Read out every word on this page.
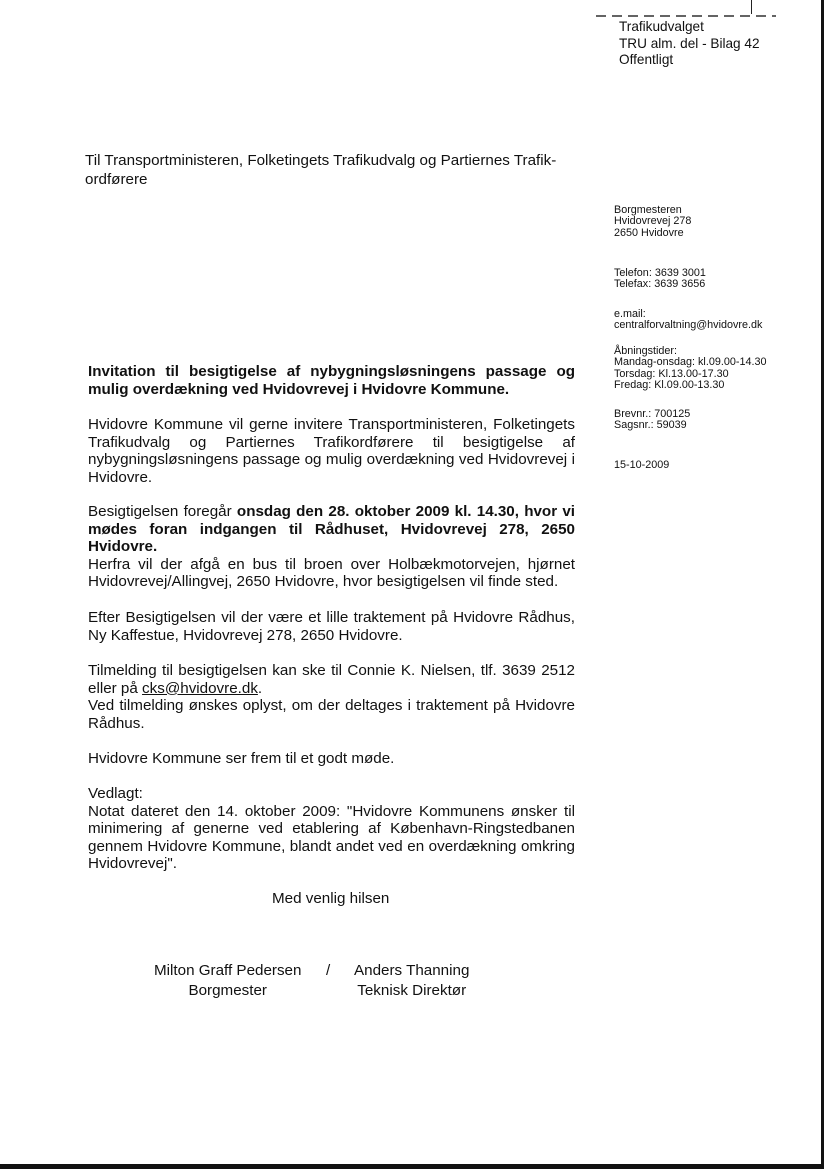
Trafikudvalget
TRU alm. del - Bilag 42
Offentligt
Til Transportministeren, Folketingets Trafikudvalg og Partiernes Trafik-ordførere
Borgmesteren
Hvidovrevej 278
2650 Hvidovre
Telefon: 3639 3001
Telefax: 3639 3656
e.mail:
centralforvaltning@hvidovre.dk
Åbningstider:
Mandag-onsdag: kl.09.00-14.30
Torsdag: Kl.13.00-17.30
Fredag: Kl.09.00-13.30
Brevnr.: 700125
Sagsnr.: 59039
15-10-2009
Invitation til besigtigelse af nybygningsløsningens passage og mulig overdækning ved Hvidovrevej i Hvidovre Kommune.

Hvidovre Kommune vil gerne invitere Transportministeren, Folketingets Trafikudvalg og Partiernes Trafikordførere til besigtigelse af nybygningsløsningens passage og mulig overdækning ved Hvidovrevej i Hvidovre.

Besigtigelsen foregår onsdag den 28. oktober 2009 kl. 14.30, hvor vi mødes foran indgangen til Rådhuset, Hvidovrevej 278, 2650 Hvidovre.

Herfra vil der afgå en bus til broen over Holbækmotorvejen, hjørnet Hvidovrevej/Allingvej, 2650 Hvidovre, hvor besigtigelsen vil finde sted.

Efter Besigtigelsen vil der være et lille traktement på Hvidovre Rådhus, Ny Kaffestue, Hvidovrevej 278, 2650 Hvidovre.

Tilmelding til besigtigelsen kan ske til Connie K. Nielsen, tlf. 3639 2512 eller på cks@hvidovre.dk.

Ved tilmelding ønskes oplyst, om der deltages i traktement på Hvidovre Rådhus.

Hvidovre Kommune ser frem til et godt møde.

Vedlagt:

Notat dateret den 14. oktober 2009: "Hvidovre Kommunens ønsker til minimering af generne ved etablering af København-Ringstedbanen gennem Hvidovre Kommune, blandt andet ved en overdækning omkring Hvidovrevej".

Med venlig hilsen
Milton Graff Pedersen
Borgmester
/ Anders Thanning
Teknisk Direktør
